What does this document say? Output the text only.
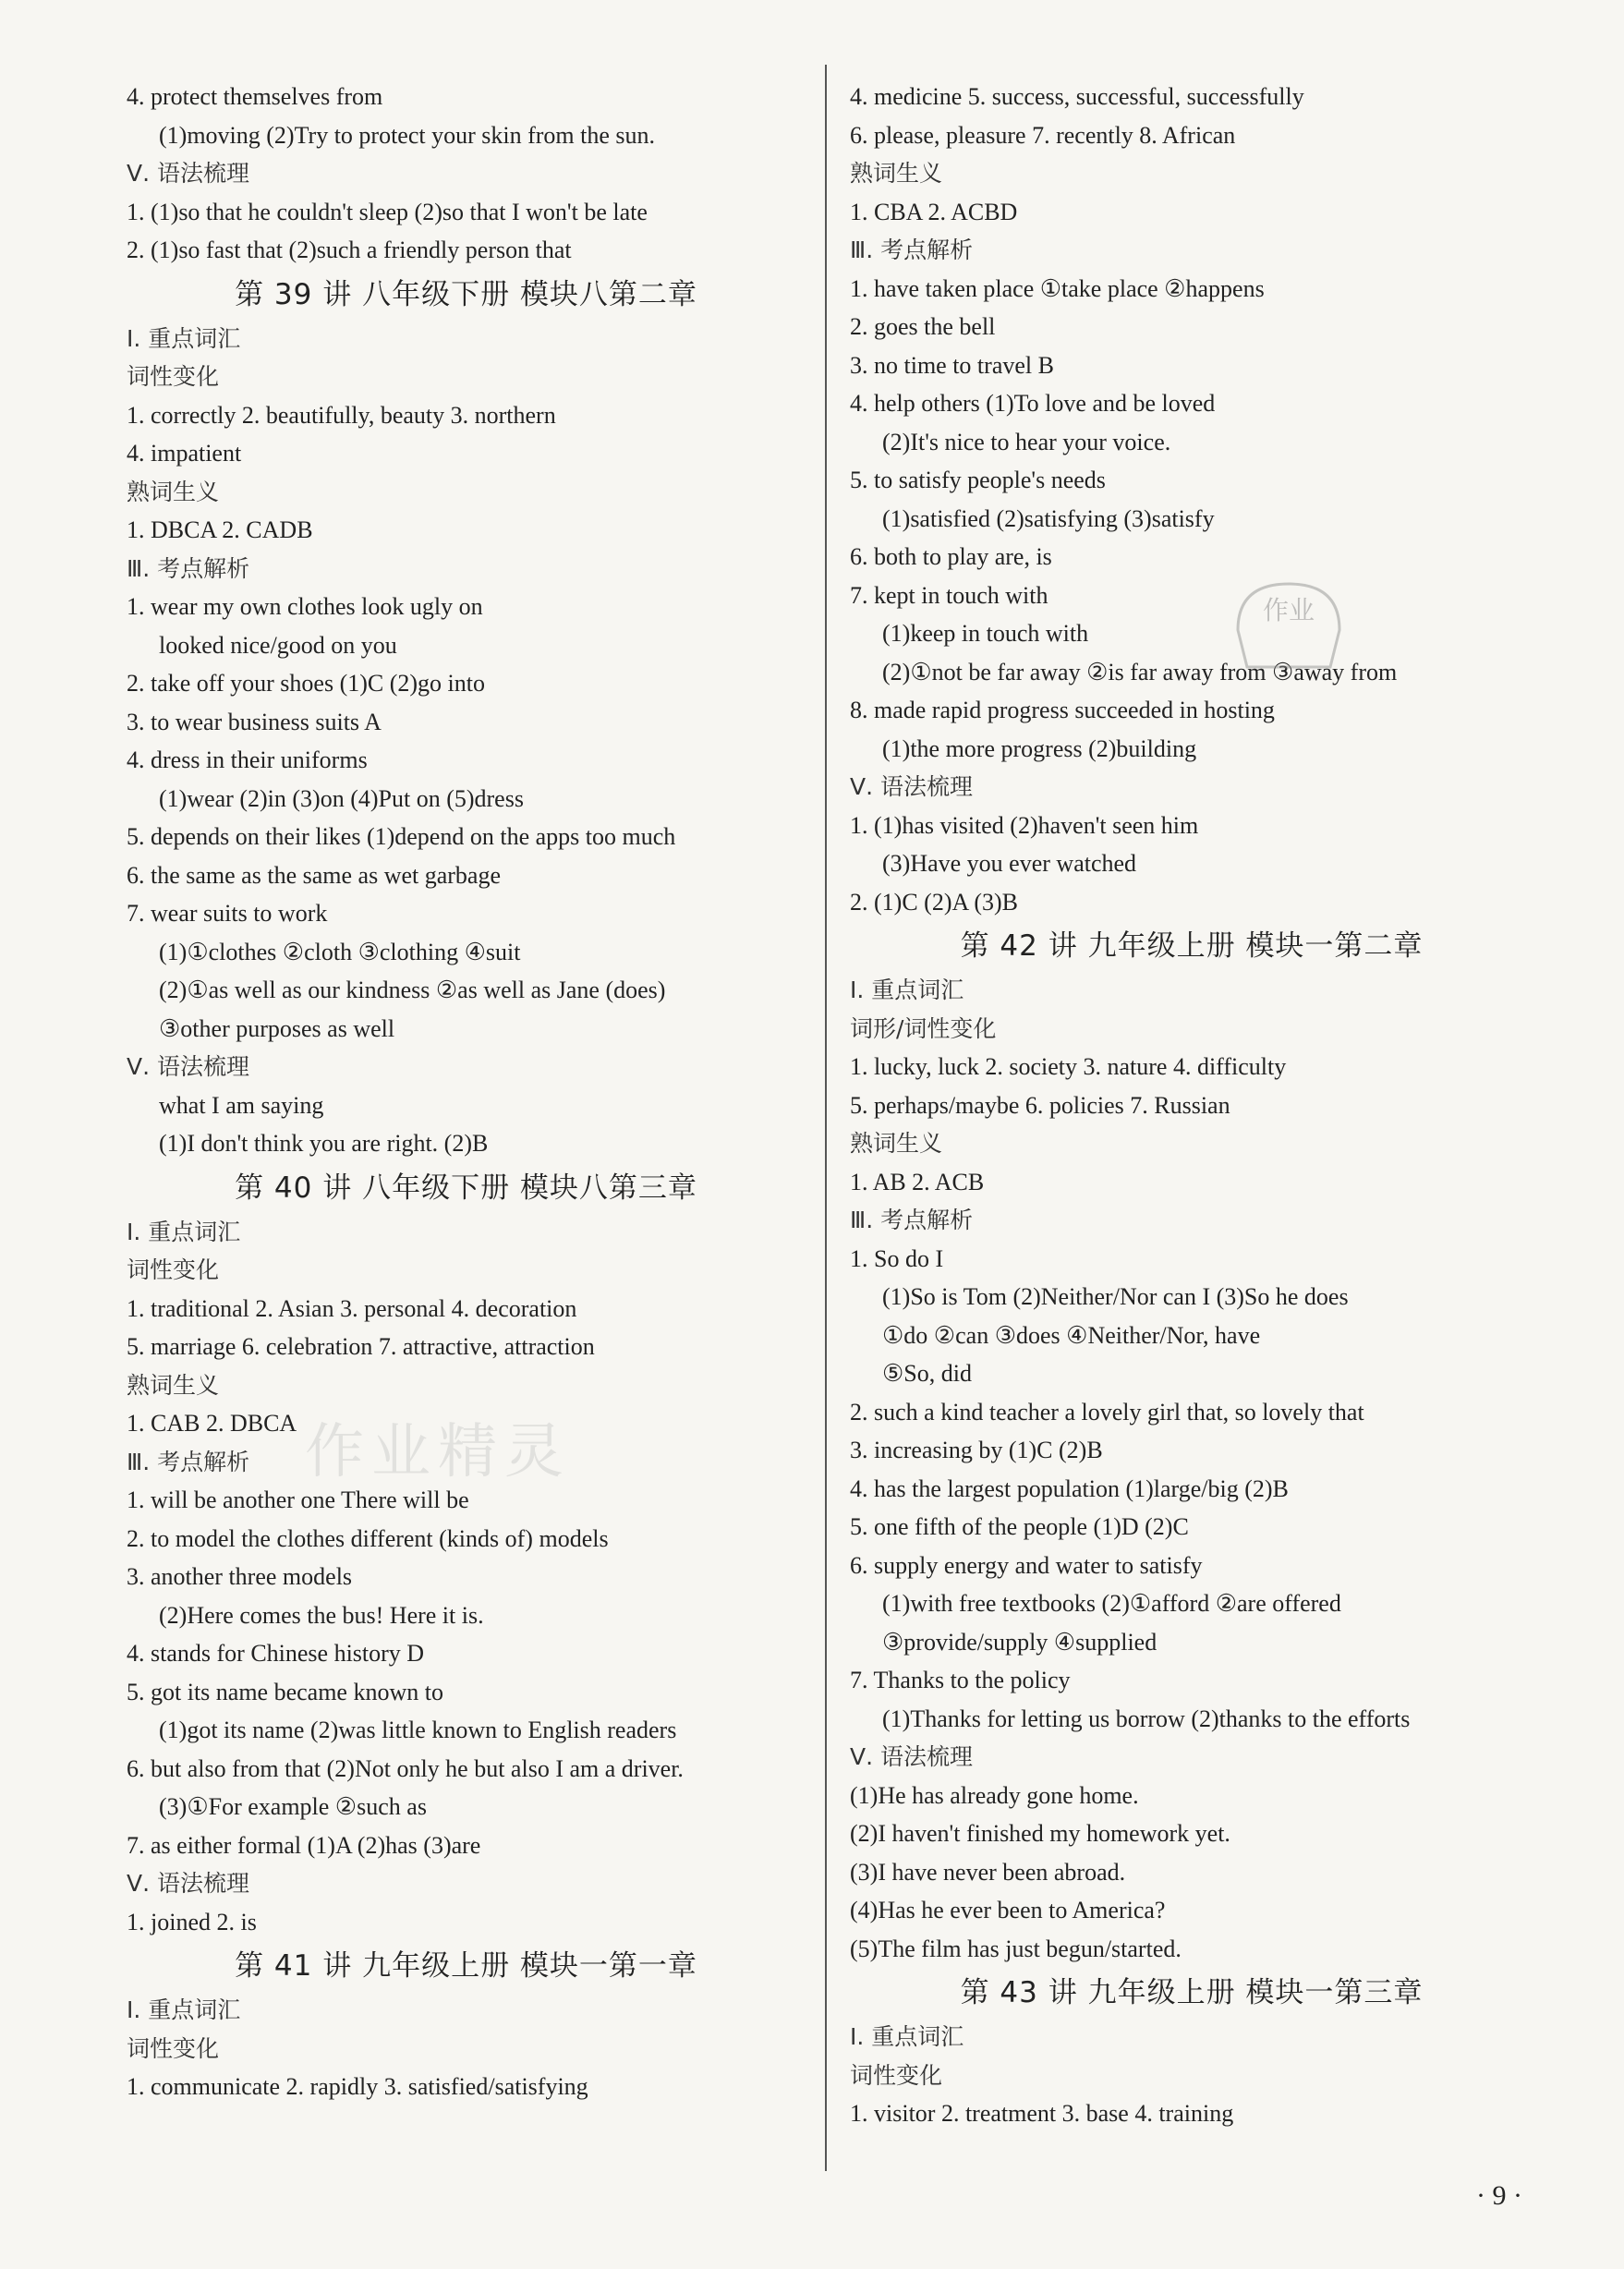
4. protect themselves from
(1)moving (2)Try to protect your skin from the sun.
Ⅴ. 语法梳理
1. (1)so that he couldn't sleep (2)so that I won't be late
2. (1)so fast that (2)such a friendly person that
第 39 讲 八年级下册 模块八第二章
Ⅰ. 重点词汇
词性变化
1. correctly 2. beautifully, beauty 3. northern
4. impatient
熟词生义
1. DBCA 2. CADB
Ⅲ. 考点解析
1. wear my own clothes look ugly on
looked nice/good on you
2. take off your shoes (1)C (2)go into
3. to wear business suits A
4. dress in their uniforms
(1)wear (2)in (3)on (4)Put on (5)dress
5. depends on their likes (1)depend on the apps too much
6. the same as the same as wet garbage
7. wear suits to work
(1)①clothes ②cloth ③clothing ④suit
(2)①as well as our kindness ②as well as Jane (does)
③other purposes as well
Ⅴ. 语法梳理
what I am saying
(1)I don't think you are right. (2)B
第 40 讲 八年级下册 模块八第三章
Ⅰ. 重点词汇
词性变化
1. traditional 2. Asian 3. personal 4. decoration
5. marriage 6. celebration 7. attractive, attraction
熟词生义
1. CAB 2. DBCA
Ⅲ. 考点解析
1. will be another one There will be
2. to model the clothes different (kinds of) models
3. another three models
(2)Here comes the bus! Here it is.
4. stands for Chinese history D
5. got its name became known to
(1)got its name (2)was little known to English readers
6. but also from that (2)Not only he but also I am a driver.
(3)①For example ②such as
7. as either formal (1)A (2)has (3)are
Ⅴ. 语法梳理
1. joined 2. is
第 41 讲 九年级上册 模块一第一章
Ⅰ. 重点词汇
词性变化
1. communicate 2. rapidly 3. satisfied/satisfying
4. medicine 5. success, successful, successfully
6. please, pleasure 7. recently 8. African
熟词生义
1. CBA 2. ACBD
Ⅲ. 考点解析
1. have taken place ①take place ②happens
2. goes the bell
3. no time to travel B
4. help others (1)To love and be loved
(2)It's nice to hear your voice.
5. to satisfy people's needs
(1)satisfied (2)satisfying (3)satisfy
6. both to play are, is
7. kept in touch with
(1)keep in touch with
(2)①not be far away ②is far away from ③away from
8. made rapid progress succeeded in hosting
(1)the more progress (2)building
Ⅴ. 语法梳理
1. (1)has visited (2)haven't seen him
(3)Have you ever watched
2. (1)C (2)A (3)B
第 42 讲 九年级上册 模块一第二章
Ⅰ. 重点词汇
词形/词性变化
1. lucky, luck 2. society 3. nature 4. difficulty
5. perhaps/maybe 6. policies 7. Russian
熟词生义
1. AB 2. ACB
Ⅲ. 考点解析
1. So do I
(1)So is Tom (2)Neither/Nor can I (3)So he does
①do ②can ③does ④Neither/Nor, have
⑤So, did
2. such a kind teacher a lovely girl that, so lovely that
3. increasing by (1)C (2)B
4. has the largest population (1)large/big (2)B
5. one fifth of the people (1)D (2)C
6. supply energy and water to satisfy
(1)with free textbooks (2)①afford ②are offered
③provide/supply ④supplied
7. Thanks to the policy
(1)Thanks for letting us borrow (2)thanks to the efforts
Ⅴ. 语法梳理
(1)He has already gone home.
(2)I haven't finished my homework yet.
(3)I have never been abroad.
(4)Has he ever been to America?
(5)The film has just begun/started.
第 43 讲 九年级上册 模块一第三章
Ⅰ. 重点词汇
词性变化
1. visitor 2. treatment 3. base 4. training
作业
作业精灵
· 9 ·
